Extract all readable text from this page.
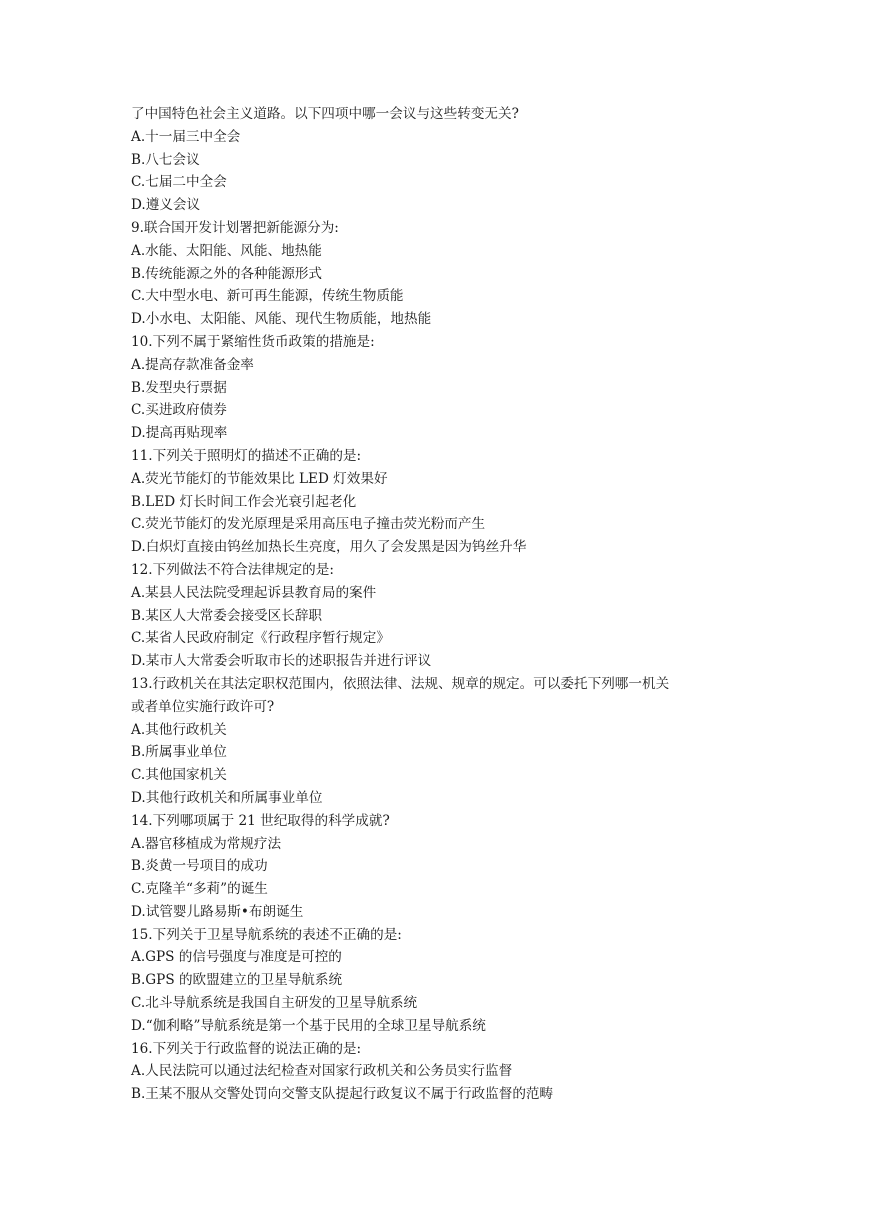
了中国特色社会主义道路。以下四项中哪一会议与这些转变无关?

A.十一届三中全会

B.八七会议

C.七届二中全会

D.遵义会议

9.联合国开发计划署把新能源分为:

A.水能、太阳能、风能、地热能

B.传统能源之外的各种能源形式

C.大中型水电、新可再生能源，传统生物质能

D.小水电、太阳能、风能、现代生物质能，地热能

10.下列不属于紧缩性货币政策的措施是:

A.提高存款准备金率

B.发型央行票据

C.买进政府债券

D.提高再贴现率

11.下列关于照明灯的描述不正确的是:

A.荧光节能灯的节能效果比 LED 灯效果好

B.LED 灯长时间工作会光衰引起老化

C.荧光节能灯的发光原理是采用高压电子撞击荧光粉而产生

D.白炽灯直接由钨丝加热长生亮度，用久了会发黑是因为钨丝升华

12.下列做法不符合法律规定的是:

A.某县人民法院受理起诉县教育局的案件

B.某区人大常委会接受区长辞职

C.某省人民政府制定《行政程序暂行规定》

D.某市人大常委会听取市长的述职报告并进行评议

13.行政机关在其法定职权范围内，依照法律、法规、规章的规定。可以委托下列哪一机关

或者单位实施行政许可?

A.其他行政机关

B.所属事业单位

C.其他国家机关

D.其他行政机关和所属事业单位

14.下列哪项属于 21 世纪取得的科学成就?

A.器官移植成为常规疗法

B.炎黄一号项目的成功

C.克隆羊“多莉”的诞生

D.试管婴儿路易斯•布朗诞生

15.下列关于卫星导航系统的表述不正确的是:

A.GPS 的信号强度与准度是可控的

B.GPS 的欧盟建立的卫星导航系统

C.北斗导航系统是我国自主研发的卫星导航系统

D.“伽利略”导航系统是第一个基于民用的全球卫星导航系统

16.下列关于行政监督的说法正确的是:

A.人民法院可以通过法纪检查对国家行政机关和公务员实行监督

B.王某不服从交警处罚向交警支队提起行政复议不属于行政监督的范畴
